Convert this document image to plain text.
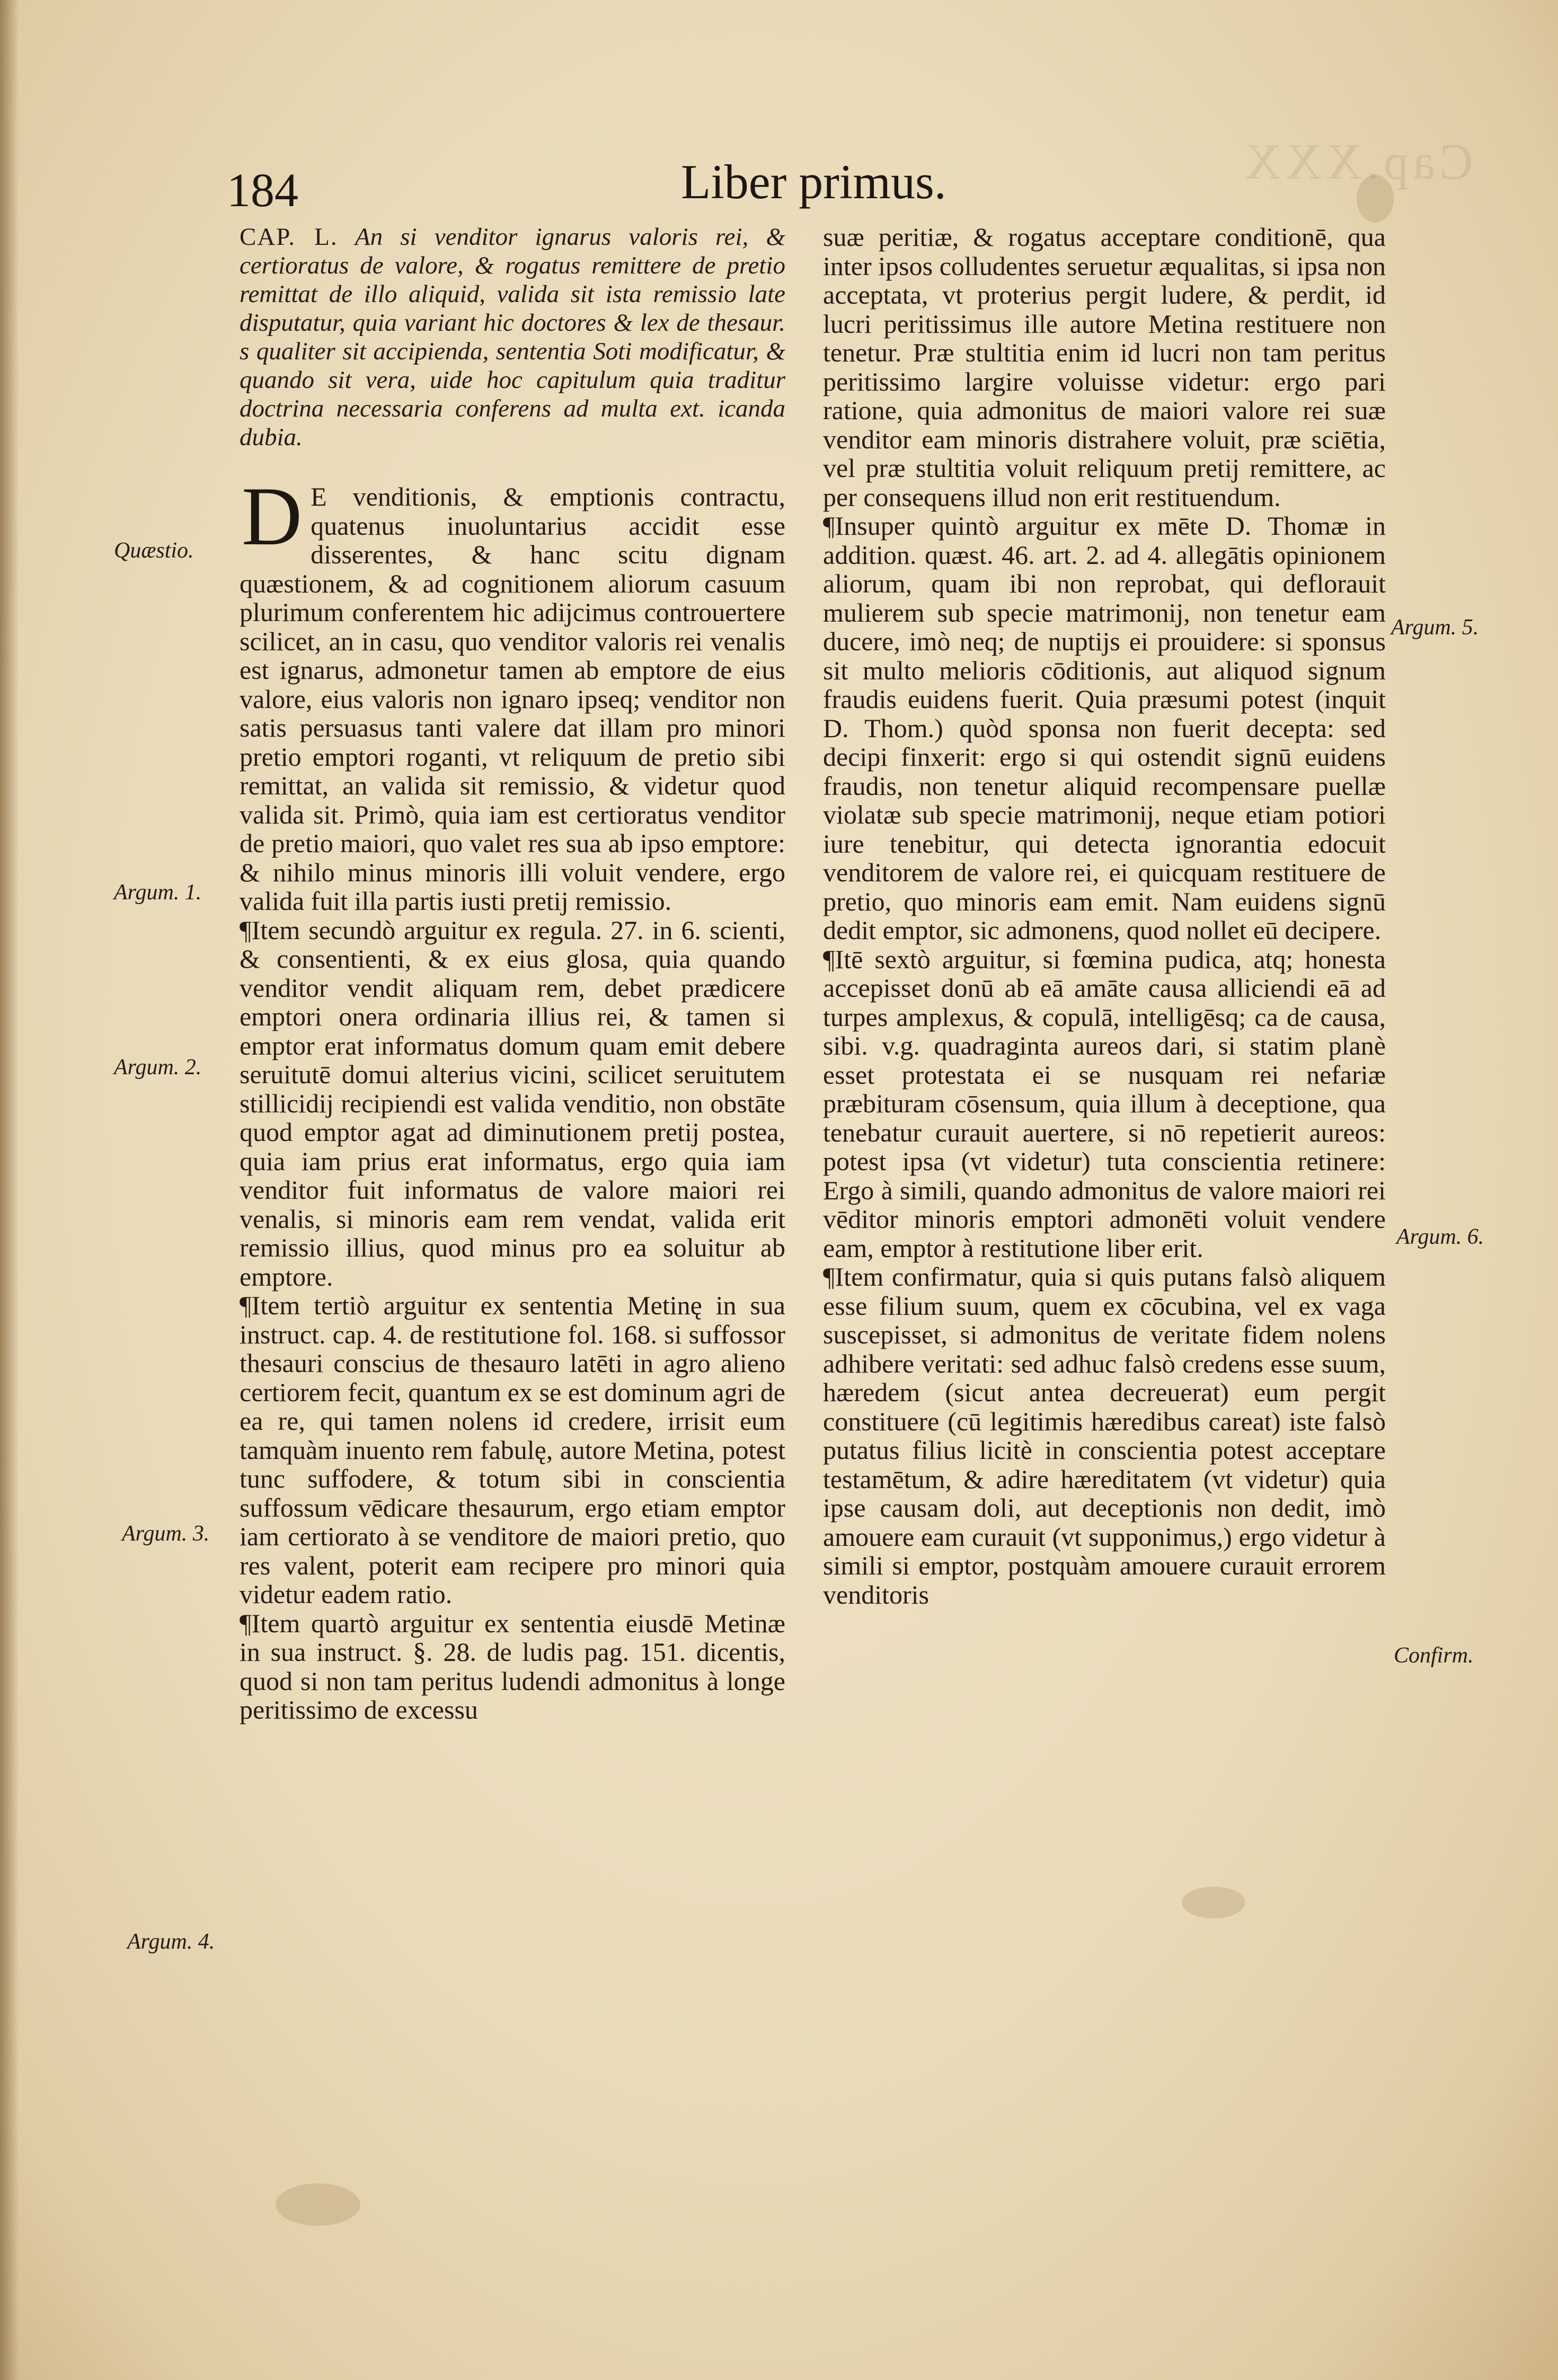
Cap.XXX
184	Liber primus.

CAP. L. An si venditor ignarus valoris rei, & certioratus de valore, & rogatus remittere de pretio remittat de illo aliquid, valida sit ista remissio late disputatur, quia variant hic doctores & lex de thesaur. s qualiter sit accipienda, sententia Soti modificatur, & quando sit vera, uide hoc capitulum quia traditur doctrina necessaria conferens ad multa ext. icanda dubia.

D E venditionis, & emptionis contractu, quatenus inuoluntarius accidit esse disserentes, & hanc scitu dignam quæstionem, & ad cognitionem aliorum casuum plurimum conferentem hic adijcimus controuertere scilicet, an in casu, quo venditor valoris rei venalis est ignarus, admonetur tamen ab emptore de eius valore, eius valoris non ignaro ipseq; venditor non satis persuasus tanti valere dat illam pro minori pretio emptori roganti, vt reliquum de pretio sibi remittat, an valida sit remissio, & videtur quod valida sit. Primò, quia iam est certioratus venditor de pretio maiori, quo valet res sua ab ipso emptore: & nihilo minus minoris illi voluit vendere, ergo valida fuit illa partis iusti pretij remissio.

¶Item secundò arguitur ex regula. 27. in 6. scienti, & consentienti, & ex eius glosa, quia quando venditor vendit aliquam rem, debet prædicere emptori onera ordinaria illius rei, & tamen si emptor erat informatus domum quam emit debere seruitutē domui alterius vicini, scilicet seruitutem stillicidij recipiendi est valida venditio, non obstāte quod emptor agat ad diminutionem pretij postea, quia iam prius erat informatus, ergo quia iam venditor fuit informatus de valore maiori rei venalis, si minoris eam rem vendat, valida erit remissio illius, quod minus pro ea soluitur ab emptore.

¶Item tertiò arguitur ex sententia Metinę in sua instruct. cap. 4. de restitutione fol. 168. si suffossor thesauri conscius de thesauro latēti in agro alieno certiorem fecit, quantum ex se est dominum agri de ea re, qui tamen nolens id credere, irrisit eum tamquàm inuento rem fabulę, autore Metina, potest tunc suffodere, & totum sibi in conscientia suffossum vēdicare thesaurum, ergo etiam emptor iam certiorato à se venditore de maiori pretio, quo res valent, poterit eam recipere pro minori quia videtur eadem ratio.

¶Item quartò arguitur ex sententia eiusdē Metinæ in sua instruct. §. 28. de ludis pag. 151. dicentis, quod si non tam peritus ludendi admonitus à longe peritissimo de excessu

suæ peritiæ, & rogatus acceptare conditionē, qua inter ipsos colludentes seruetur æqualitas, si ipsa non acceptata, vt proterius pergit ludere, & perdit, id lucri peritissimus ille autore Metina restituere non tenetur. Præ stultitia enim id lucri non tam peritus peritissimo largire voluisse videtur: ergo pari ratione, quia admonitus de maiori valore rei suæ venditor eam minoris distrahere voluit, præ sciētia, vel præ stultitia voluit reliquum pretij remittere, ac per consequens illud non erit restituendum.

¶Insuper quintò arguitur ex mēte D. Thomæ in addition. quæst. 46. art. 2. ad 4. allegātis opinionem aliorum, quam ibi non reprobat, qui deflorauit mulierem sub specie matrimonij, non tenetur eam ducere, imò neq; de nuptijs ei prouidere: si sponsus sit multo melioris cōditionis, aut aliquod signum fraudis euidens fuerit. Quia præsumi potest (inquit D. Thom.) quòd sponsa non fuerit decepta: sed decipi finxerit: ergo si qui ostendit signū euidens fraudis, non tenetur aliquid recompensare puellæ violatæ sub specie matrimonij, neque etiam potiori iure tenebitur, qui detecta ignorantia edocuit venditorem de valore rei, ei quicquam restituere de pretio, quo minoris eam emit. Nam euidens signū dedit emptor, sic admonens, quod nollet eū decipere.

¶Itē sextò arguitur, si fœmina pudica, atq; honesta accepisset donū ab eā amāte causa alliciendi eā ad turpes amplexus, & copulā, intelligēsq; ca de causa, sibi. v.g. quadraginta aureos dari, si statim planè esset protestata ei se nusquam rei nefariæ præbituram cōsensum, quia illum à deceptione, qua tenebatur curauit auertere, si nō repetierit aureos: potest ipsa (vt videtur) tuta conscientia retinere: Ergo à simili, quando admonitus de valore maiori rei vēditor minoris emptori admonēti voluit vendere eam, emptor à restitutione liber erit.

¶Item confirmatur, quia si quis putans falsò aliquem esse filium suum, quem ex cōcubina, vel ex vaga suscepisset, si admonitus de veritate fidem nolens adhibere veritati: sed adhuc falsò credens esse suum, hæredem (sicut antea decreuerat) eum pergit constituere (cū legitimis hæredibus careat) iste falsò putatus filius licitè in conscientia potest acceptare testamētum, & adire hæreditatem (vt videtur) quia ipse causam doli, aut deceptionis non dedit, imò amouere eam curauit (vt supponimus,) ergo videtur à simili si emptor, postquàm amouere curauit errorem venditoris

Quæstio.
Argum. 1.
Argum. 2.
Argum. 3.
Argum. 4.
Argum. 5.
Argum. 6.
Confirm.
